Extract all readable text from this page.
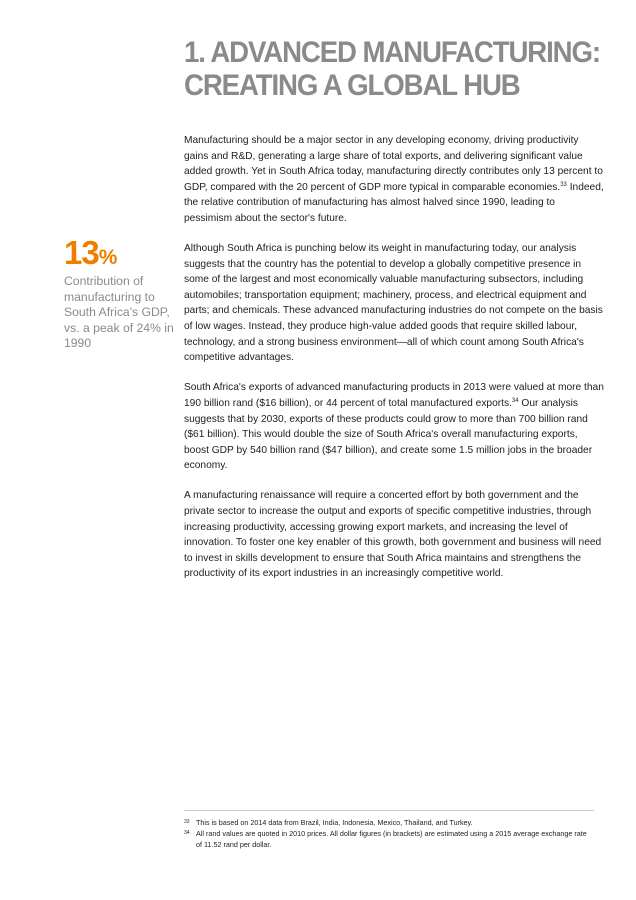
1. ADVANCED MANUFACTURING:
CREATING A GLOBAL HUB
13%
Contribution of manufacturing to South Africa's GDP, vs. a peak of 24% in 1990

Manufacturing should be a major sector in any developing economy, driving productivity gains and R&D, generating a large share of total exports, and delivering significant value added growth. Yet in South Africa today, manufacturing directly contributes only 13 percent to GDP, compared with the 20 percent of GDP more typical in comparable economies.$^{33}$ Indeed, the relative contribution of manufacturing has almost halved since 1990, leading to pessimism about the sector's future.

Although South Africa is punching below its weight in manufacturing today, our analysis suggests that the country has the potential to develop a globally competitive presence in some of the largest and most economically valuable manufacturing subsectors, including automobiles; transportation equipment; machinery, process, and electrical equipment and parts; and chemicals. These advanced manufacturing industries do not compete on the basis of low wages. Instead, they produce high-value added goods that require skilled labour, technology, and a strong business environment—all of which count among South Africa's competitive advantages.

South Africa's exports of advanced manufacturing products in 2013 were valued at more than 190 billion rand ($16 billion), or 44 percent of total manufactured exports.$^{34}$ Our analysis suggests that by 2030, exports of these products could grow to more than 700 billion rand ($61 billion). This would double the size of South Africa's overall manufacturing exports, boost GDP by 540 billion rand ($47 billion), and create some 1.5 million jobs in the broader economy.

A manufacturing renaissance will require a concerted effort by both government and the private sector to increase the output and exports of specific competitive industries, through increasing productivity, accessing growing export markets, and increasing the level of innovation. To foster one key enabler of this growth, both government and business will need to invest in skills development to ensure that South Africa maintains and strengthens the productivity of its export industries in an increasingly competitive world.

33 This is based on 2014 data from Brazil, India, Indonesia, Mexico, Thailand, and Turkey.
34 All rand values are quoted in 2010 prices. All dollar figures (in brackets) are estimated using a 2015 average exchange rate of 11.52 rand per dollar.
